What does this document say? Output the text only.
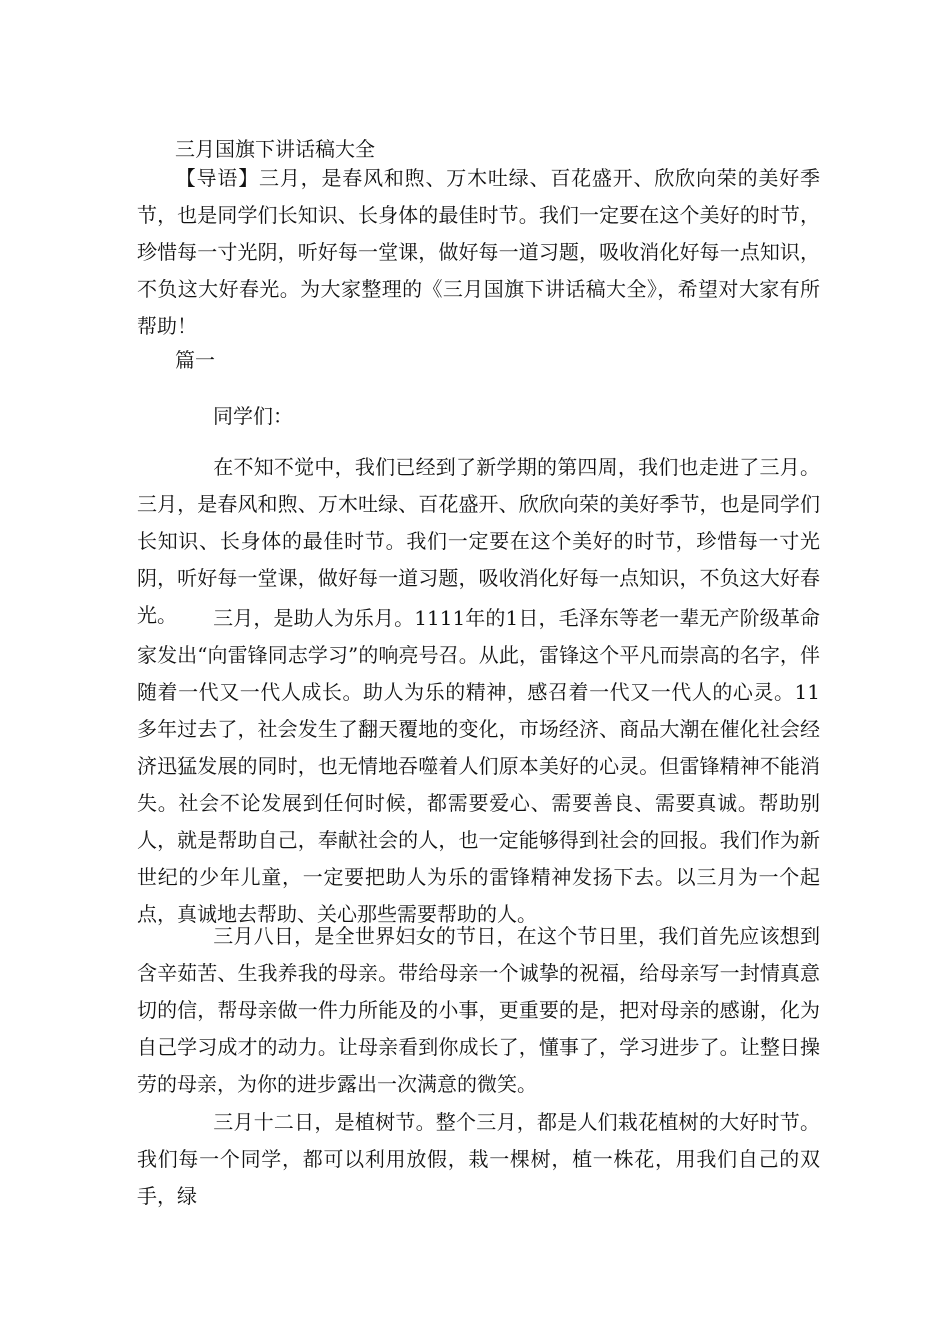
三月国旗下讲话稿大全
【导语】三月，是春风和煦、万木吐绿、百花盛开、欣欣向荣的美好季节，也是同学们长知识、长身体的最佳时节。我们一定要在这个美好的时节，珍惜每一寸光阴，听好每一堂课，做好每一道习题，吸收消化好每一点知识，不负这大好春光。为大家整理的《三月国旗下讲话稿大全》，希望对大家有所帮助！
篇一
同学们：
在不知不觉中，我们已经到了新学期的第四周，我们也走进了三月。三月，是春风和煦、万木吐绿、百花盛开、欣欣向荣的美好季节，也是同学们长知识、长身体的最佳时节。我们一定要在这个美好的时节，珍惜每一寸光阴，听好每一堂课，做好每一道习题，吸收消化好每一点知识，不负这大好春光。	三月，是助人为乐月。1111年的1日，毛泽东等老一辈无产阶级革命家发出“向雷锋同志学习”的响亮号召。从此，雷锋这个平凡而崇高的名字，伴随着一代又一代人成长。助人为乐的精神，感召着一代又一代人的心灵。11多年过去了，社会发生了翻天覆地的变化，市场经济、商品大潮在催化社会经济迅猛发展的同时，也无情地吞噬着人们原本美好的心灵。但雷锋精神不能消失。社会不论发展到任何时候，都需要爱心、需要善良、需要真诚。帮助别人，就是帮助自己，奉献社会的人，也一定能够得到社会的回报。我们作为新世纪的少年儿童，一定要把助人为乐的雷锋精神发扬下去。以三月为一个起点，真诚地去帮助、关心那些需要帮助的人。
三月八日，是全世界妇女的节日，在这个节日里，我们首先应该想到含辛茹苦、生我养我的母亲。带给母亲一个诚挚的祝福，给母亲写一封情真意切的信，帮母亲做一件力所能及的小事，更重要的是，把对母亲的感谢，化为自己学习成才的动力。让母亲看到你成长了，懂事了，学习进步了。让整日操劳的母亲，为你的进步露出一次满意的微笑。
三月十二日，是植树节。整个三月，都是人们栽花植树的大好时节。我们每一个同学，都可以利用放假，栽一棵树，植一株花，用我们自己的双手，绿
